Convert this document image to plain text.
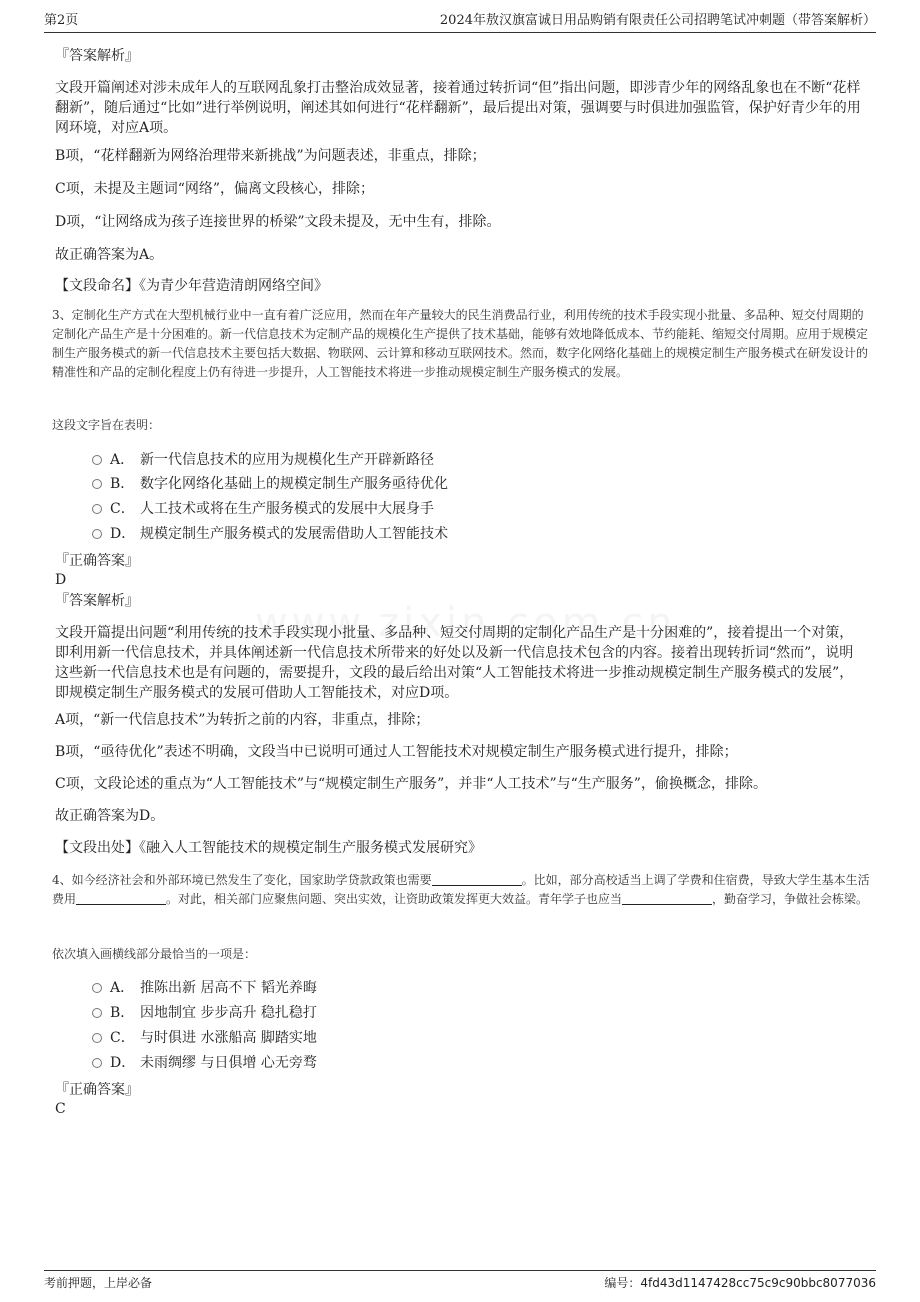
第2页	2024年敖汉旗富诚日用品购销有限责任公司招聘笔试冲刺题（带答案解析）
『答案解析』

文段开篇阐述对涉未成年人的互联网乱象打击整治成效显著，接着通过转折词“但”指出问题，即涉青少年的网络乱象也在不断“花样翻新”，随后通过“比如”进行举例说明，阐述其如何进行“花样翻新”，最后提出对策，强调要与时俱进加强监管，保护好青少年的用网环境，对应A项。

B项，“花样翻新为网络治理带来新挑战”为问题表述，非重点，排除；
C项，未提及主题词“网络”，偏离文段核心，排除；
D项，“让网络成为孩子连接世界的桥梁”文段未提及，无中生有，排除。
故正确答案为A。
【文段命名】《为青少年营造清朗网络空间》

3、定制化生产方式在大型机械行业中一直有着广泛应用，然而在年产量较大的民生消费品行业，利用传统的技术手段实现小批量、多品种、短交付周期的定制化产品生产是十分困难的。新一代信息技术为定制产品的规模化生产提供了技术基础，能够有效地降低成本、节约能耗、缩短交付周期。应用于规模定制生产服务模式的新一代信息技术主要包括大数据、物联网、云计算和移动互联网技术。然而，数字化网络化基础上的规模定制生产服务模式在研发设计的精准性和产品的定制化程度上仍有待进一步提升，人工智能技术将进一步推动规模定制生产服务模式的发展。

这段文字旨在表明：
A． 新一代信息技术的应用为规模化生产开辟新路径
B． 数字化网络化基础上的规模定制生产服务亟待优化
C． 人工技术或将在生产服务模式的发展中大展身手
D． 规模定制生产服务模式的发展需借助人工智能技术
『正确答案』
D
『答案解析』

文段开篇提出问题“利用传统的技术手段实现小批量、多品种、短交付周期的定制化产品生产是十分困难的”，接着提出一个对策，即利用新一代信息技术，并具体阐述新一代信息技术所带来的好处以及新一代信息技术包含的内容。接着出现转折词“然而”，说明这些新一代信息技术也是有问题的，需要提升，文段的最后给出对策“人工智能技术将进一步推动规模定制生产服务模式的发展”，即规模定制生产服务模式的发展可借助人工智能技术，对应D项。

A项，“新一代信息技术”为转折之前的内容，非重点，排除；
B项，“亟待优化”表述不明确，文段当中已说明可通过人工智能技术对规模定制生产服务模式进行提升，排除；
C项，文段论述的重点为“人工智能技术”与“规模定制生产服务”，并非“人工技术”与“生产服务”，偷换概念，排除。
故正确答案为D。
【文段出处】《融入人工智能技术的规模定制生产服务模式发展研究》

4、如今经济社会和外部环境已然发生了变化，国家助学贷款政策也需要	。比如，部分高校适当上调了学费和住宿费，导致大学生基本生活费用	。对此，相关部门应聚焦问题、突出实效，让资助政策发挥更大效益。青年学子也应当	，勤奋学习，争做社会栋梁。

依次填入画横线部分最恰当的一项是：
A． 推陈出新 居高不下 韬光养晦
B． 因地制宜 步步高升 稳扎稳打
C． 与时俱进 水涨船高 脚踏实地
D． 未雨绸缪 与日俱增 心无旁骛
『正确答案』
C
考前押题，上岸必备	编号：4fd43d1147428cc75c9c90bbc8077036
